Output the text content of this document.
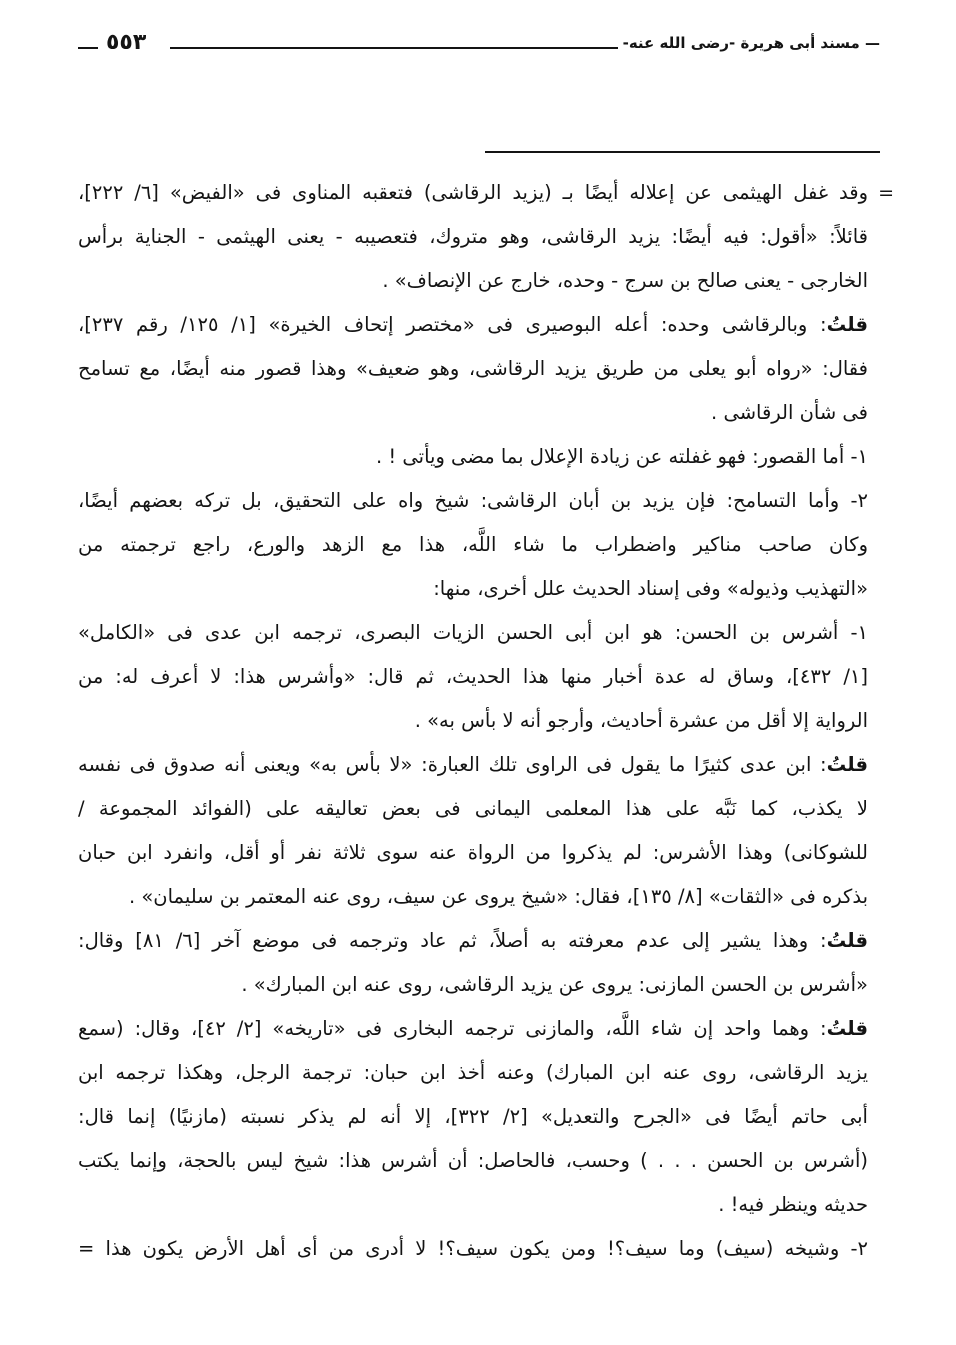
— مسند أبى هريرة -رضى الله عنه-
٥٥٣
=
وقد غفل الهيثمى عن إعلاله أيضًا بـ (يزيد الرقاشى) فتعقبه المناوى فى «الفيض» [٦/ ٢٢٢]،
قائلاً: «أقول: فيه أيضًا: يزيد الرقاشى، وهو متروك، فتعصيبه - يعنى الهيثمى - الجناية برأس
الخارجى - يعنى صالح بن سرج - وحده، خارج عن الإنصاف» .
قلتُ: وبالرقاشى وحده: أعله البوصيرى فى «مختصر إتحاف الخيرة» [١/ ١٢٥/ رقم ٢٣٧]،
فقال: «رواه أبو يعلى من طريق يزيد الرقاشى، وهو ضعيف» وهذا قصور منه أيضًا، مع تسامح
فى شأن الرقاشى .
١- أما القصور: فهو غفلته عن زيادة الإعلال بما مضى ويأتى ! .
٢- وأما التسامح: فإن يزيد بن أبان الرقاشى: شيخ واه على التحقيق، بل تركه بعضهم أيضًا،
وكان صاحب مناكير واضطراب ما شاء اللَّه، هذا مع الزهد والورع، راجع ترجمته من
«التهذيب وذيوله» وفى إسناد الحديث علل أخرى، منها:
١- أشرس بن الحسن: هو ابن أبى الحسن الزيات البصرى، ترجمه ابن عدى فى «الكامل»
[١/ ٤٣٢]، وساق له عدة أخبار منها هذا الحديث، ثم قال: «وأشرس هذا: لا أعرف له: من
الرواية إلا أقل من عشرة أحاديث، وأرجو أنه لا بأس به» .
قلتُ: ابن عدى كثيرًا ما يقول فى الراوى تلك العبارة: «لا بأس به» ويعنى أنه صدوق فى نفسه
لا يكذب، كما نَبَّه على هذا المعلمى اليمانى فى بعض تعاليقه على (الفوائد المجموعة /
للشوكانى) وهذا الأشرس: لم يذكروا من الرواة عنه سوى ثلاثة نفر أو أقل، وانفرد ابن حبان
بذكره فى «الثقات» [٨/ ١٣٥]، فقال: «شيخ يروى عن سيف، روى عنه المعتمر بن سليمان» .
قلتُ: وهذا يشير إلى عدم معرفته به أصلاً، ثم عاد وترجمه فى موضع آخر [٦/ ٨١] وقال:
«أشرس بن الحسن المازنى: يروى عن يزيد الرقاشى، روى عنه ابن المبارك» .
قلتُ: وهما واحد إن شاء اللَّه، والمازنى ترجمه البخارى فى «تاريخه» [٢/ ٤٢]، وقال: (سمع
يزيد الرقاشى، روى عنه ابن المبارك) وعنه أخذ ابن حبان: ترجمة الرجل، وهكذا ترجمه ابن
أبى حاتم أيضًا فى «الجرح والتعديل» [٢/ ٣٢٢]، إلا أنه لم يذكر نسبته (مازنيًا) إنما قال:
(أشرس بن الحسن . . . ) وحسب، فالحاصل: أن أشرس هذا: شيخ ليس بالحجة، وإنما يكتب
حديثه وينظر فيه! .
٢- وشيخه (سيف) وما سيف؟! ومن يكون سيف؟! لا أدرى من أى أهل الأرض يكون هذا =
